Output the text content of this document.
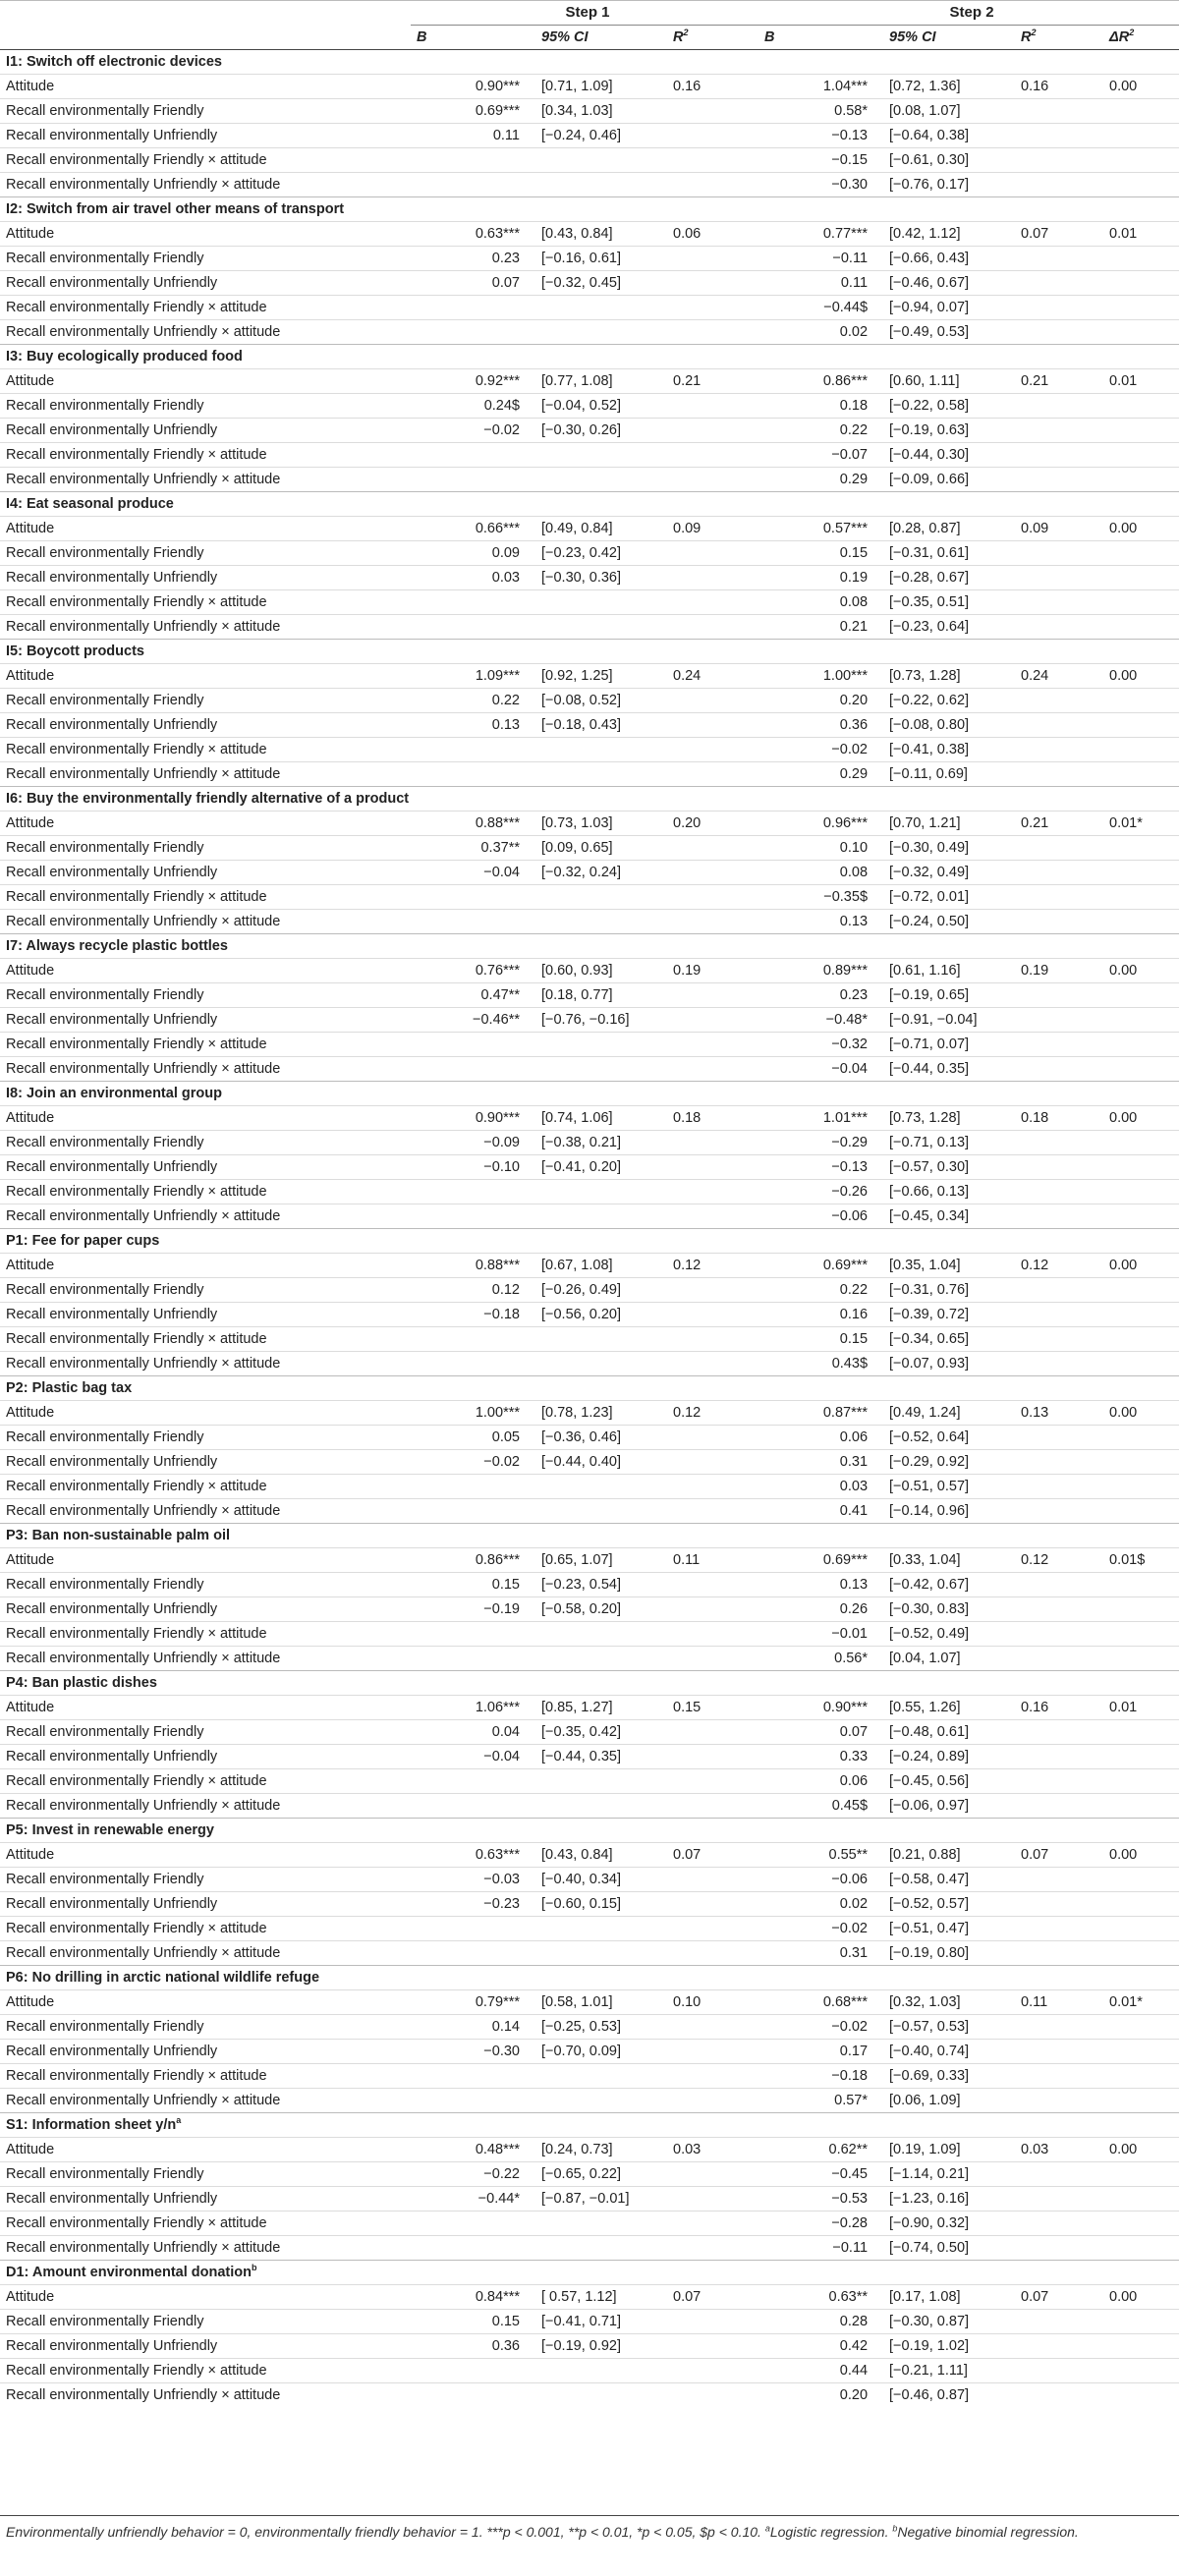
	Step 1			Step 2			
	B	95% CI	$R^2$	B	95% CI	$R^2$	$\Delta R^2$
I1: Switch off electronic devices							
Attitude	0.90***	[0.71, 1.09]	0.16	1.04***	[0.72, 1.36]	0.16	0.00
Recall environmentally Friendly	0.69***	[0.34, 1.03]		0.58*	[0.08, 1.07]		
Recall environmentally Unfriendly	0.11	[−0.24, 0.46]		−0.13	[−0.64, 0.38]		
Recall environmentally Friendly × attitude				−0.15	[−0.61, 0.30]		
Recall environmentally Unfriendly × attitude				−0.30	[−0.76, 0.17]		
I2: Switch from air travel other means of transport							
Attitude	0.63***	[0.43, 0.84]	0.06	0.77***	[0.42, 1.12]	0.07	0.01
Recall environmentally Friendly	0.23	[−0.16, 0.61]		−0.11	[−0.66, 0.43]		
Recall environmentally Unfriendly	0.07	[−0.32, 0.45]		0.11	[−0.46, 0.67]		
Recall environmentally Friendly × attitude				−0.44$	[−0.94, 0.07]		
Recall environmentally Unfriendly × attitude				0.02	[−0.49, 0.53]		
I3: Buy ecologically produced food							
Attitude	0.92***	[0.77, 1.08]	0.21	0.86***	[0.60, 1.11]	0.21	0.01
Recall environmentally Friendly	0.24$	[−0.04, 0.52]		0.18	[−0.22, 0.58]		
Recall environmentally Unfriendly	−0.02	[−0.30, 0.26]		0.22	[−0.19, 0.63]		
Recall environmentally Friendly × attitude				−0.07	[−0.44, 0.30]		
Recall environmentally Unfriendly × attitude				0.29	[−0.09, 0.66]		
I4: Eat seasonal produce							
Attitude	0.66***	[0.49, 0.84]	0.09	0.57***	[0.28, 0.87]	0.09	0.00
Recall environmentally Friendly	0.09	[−0.23, 0.42]		0.15	[−0.31, 0.61]		
Recall environmentally Unfriendly	0.03	[−0.30, 0.36]		0.19	[−0.28, 0.67]		
Recall environmentally Friendly × attitude				0.08	[−0.35, 0.51]		
Recall environmentally Unfriendly × attitude				0.21	[−0.23, 0.64]		
I5: Boycott products							
Attitude	1.09***	[0.92, 1.25]	0.24	1.00***	[0.73, 1.28]	0.24	0.00
Recall environmentally Friendly	0.22	[−0.08, 0.52]		0.20	[−0.22, 0.62]		
Recall environmentally Unfriendly	0.13	[−0.18, 0.43]		0.36	[−0.08, 0.80]		
Recall environmentally Friendly × attitude				−0.02	[−0.41, 0.38]		
Recall environmentally Unfriendly × attitude				0.29	[−0.11, 0.69]		
I6: Buy the environmentally friendly alternative of a product							
Attitude	0.88***	[0.73, 1.03]	0.20	0.96***	[0.70, 1.21]	0.21	0.01*
Recall environmentally Friendly	0.37**	[0.09, 0.65]		0.10	[−0.30, 0.49]		
Recall environmentally Unfriendly	−0.04	[−0.32, 0.24]		0.08	[−0.32, 0.49]		
Recall environmentally Friendly × attitude				−0.35$	[−0.72, 0.01]		
Recall environmentally Unfriendly × attitude				0.13	[−0.24, 0.50]		
I7: Always recycle plastic bottles							
Attitude	0.76***	[0.60, 0.93]	0.19	0.89***	[0.61, 1.16]	0.19	0.00
Recall environmentally Friendly	0.47**	[0.18, 0.77]		0.23	[−0.19, 0.65]		
Recall environmentally Unfriendly	−0.46**	[−0.76, −0.16]		−0.48*	[−0.91, −0.04]		
Recall environmentally Friendly × attitude				−0.32	[−0.71, 0.07]		
Recall environmentally Unfriendly × attitude				−0.04	[−0.44, 0.35]		
I8: Join an environmental group							
Attitude	0.90***	[0.74, 1.06]	0.18	1.01***	[0.73, 1.28]	0.18	0.00
Recall environmentally Friendly	−0.09	[−0.38, 0.21]		−0.29	[−0.71, 0.13]		
Recall environmentally Unfriendly	−0.10	[−0.41, 0.20]		−0.13	[−0.57, 0.30]		
Recall environmentally Friendly × attitude				−0.26	[−0.66, 0.13]		
Recall environmentally Unfriendly × attitude				−0.06	[−0.45, 0.34]		
P1: Fee for paper cups							
Attitude	0.88***	[0.67, 1.08]	0.12	0.69***	[0.35, 1.04]	0.12	0.00
Recall environmentally Friendly	0.12	[−0.26, 0.49]		0.22	[−0.31, 0.76]		
Recall environmentally Unfriendly	−0.18	[−0.56, 0.20]		0.16	[−0.39, 0.72]		
Recall environmentally Friendly × attitude				0.15	[−0.34, 0.65]		
Recall environmentally Unfriendly × attitude				0.43$	[−0.07, 0.93]		
P2: Plastic bag tax							
Attitude	1.00***	[0.78, 1.23]	0.12	0.87***	[0.49, 1.24]	0.13	0.00
Recall environmentally Friendly	0.05	[−0.36, 0.46]		0.06	[−0.52, 0.64]		
Recall environmentally Unfriendly	−0.02	[−0.44, 0.40]		0.31	[−0.29, 0.92]		
Recall environmentally Friendly × attitude				0.03	[−0.51, 0.57]		
Recall environmentally Unfriendly × attitude				0.41	[−0.14, 0.96]		
P3: Ban non-sustainable palm oil							
Attitude	0.86***	[0.65, 1.07]	0.11	0.69***	[0.33, 1.04]	0.12	0.01$
Recall environmentally Friendly	0.15	[−0.23, 0.54]		0.13	[−0.42, 0.67]		
Recall environmentally Unfriendly	−0.19	[−0.58, 0.20]		0.26	[−0.30, 0.83]		
Recall environmentally Friendly × attitude				−0.01	[−0.52, 0.49]		
Recall environmentally Unfriendly × attitude				0.56*	[0.04, 1.07]		
P4: Ban plastic dishes							
Attitude	1.06***	[0.85, 1.27]	0.15	0.90***	[0.55, 1.26]	0.16	0.01
Recall environmentally Friendly	0.04	[−0.35, 0.42]		0.07	[−0.48, 0.61]		
Recall environmentally Unfriendly	−0.04	[−0.44, 0.35]		0.33	[−0.24, 0.89]		
Recall environmentally Friendly × attitude				0.06	[−0.45, 0.56]		
Recall environmentally Unfriendly × attitude				0.45$	[−0.06, 0.97]		
P5: Invest in renewable energy							
Attitude	0.63***	[0.43, 0.84]	0.07	0.55**	[0.21, 0.88]	0.07	0.00
Recall environmentally Friendly	−0.03	[−0.40, 0.34]		−0.06	[−0.58, 0.47]		
Recall environmentally Unfriendly	−0.23	[−0.60, 0.15]		0.02	[−0.52, 0.57]		
Recall environmentally Friendly × attitude				−0.02	[−0.51, 0.47]		
Recall environmentally Unfriendly × attitude				0.31	[−0.19, 0.80]		
P6: No drilling in arctic national wildlife refuge							
Attitude	0.79***	[0.58, 1.01]	0.10	0.68***	[0.32, 1.03]	0.11	0.01*
Recall environmentally Friendly	0.14	[−0.25, 0.53]		−0.02	[−0.57, 0.53]		
Recall environmentally Unfriendly	−0.30	[−0.70, 0.09]		0.17	[−0.40, 0.74]		
Recall environmentally Friendly × attitude				−0.18	[−0.69, 0.33]		
Recall environmentally Unfriendly × attitude				0.57*	[0.06, 1.09]		
S1: Information sheet $y/n^a$
Attitude	0.48***	[0.24, 0.73]	0.03	0.62**	[0.19, 1.09]	0.03	0.00
Recall environmentally Friendly	−0.22	[−0.65, 0.22]		−0.45	[−1.14, 0.21]		
Recall environmentally Unfriendly	−0.44*	[−0.87, −0.01]		−0.53	[−1.23, 0.16]		
Recall environmentally Friendly × attitude				−0.28	[−0.90, 0.32]		
Recall environmentally Unfriendly × attitude				−0.11	[−0.74, 0.50]		
D1: Amount environmental donation$^b$
Attitude	0.84***	[ 0.57, 1.12]	0.07	0.63**	[0.17, 1.08]	0.07	0.00
Recall environmentally Friendly	0.15	[−0.41, 0.71]		0.28	[−0.30, 0.87]		
Recall environmentally Unfriendly	0.36	[−0.19, 0.92]		0.42	[−0.19, 1.02]		
Recall environmentally Friendly × attitude				0.44	[−0.21, 1.11]		
Recall environmentally Unfriendly × attitude				0.20	[−0.46, 0.87]		
Environmentally unfriendly behavior = 0, environmentally friendly behavior = 1. ***p < 0.001, **p < 0.01, *p < 0.05, $p < 0.10. $^a$Logistic regression. $^b$Negative binomial regression.
